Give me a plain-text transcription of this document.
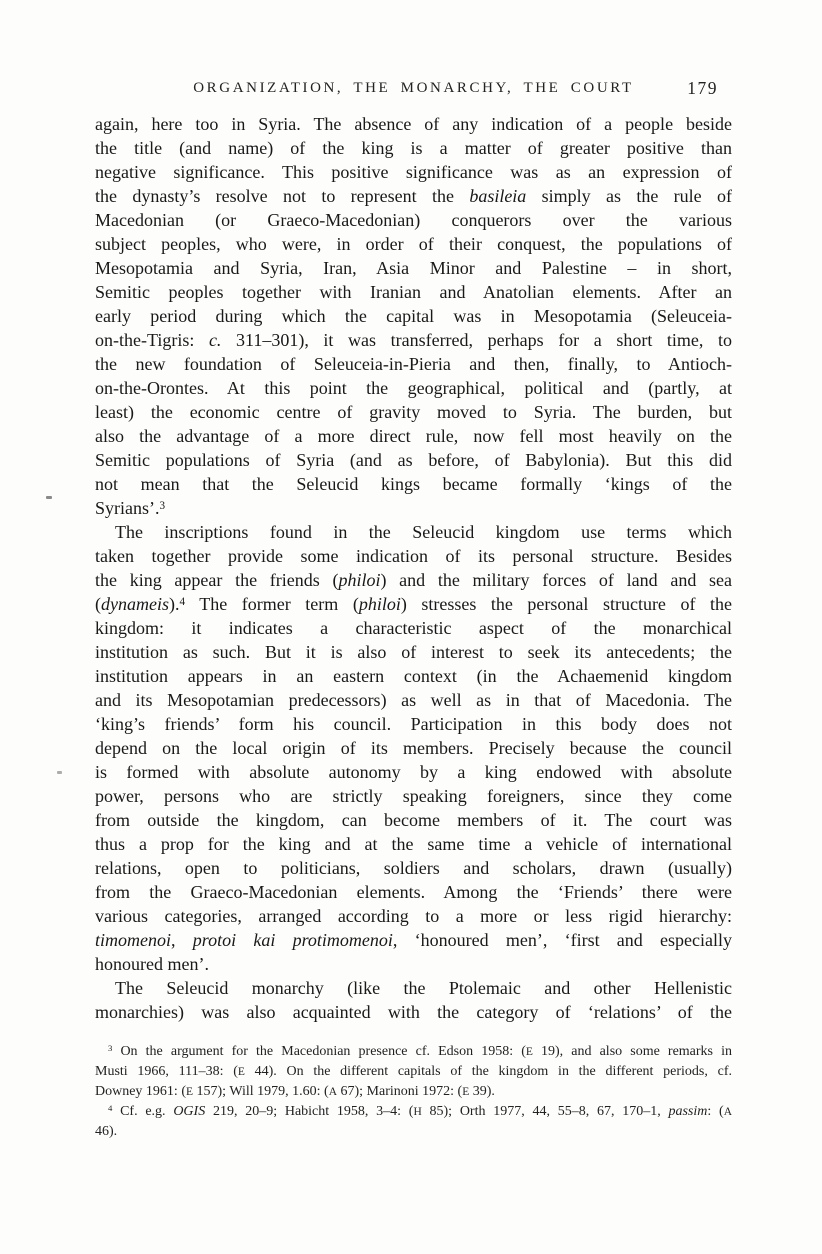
ORGANIZATION, THE MONARCHY, THE COURT	179
again, here too in Syria. The absence of any indication of a people beside
the title (and name) of the king is a matter of greater positive than
negative significance. This positive significance was as an expression of
the dynasty’s resolve not to represent the basileia simply as the rule of
Macedonian (or Graeco-Macedonian) conquerors over the various
subject peoples, who were, in order of their conquest, the populations of
Mesopotamia and Syria, Iran, Asia Minor and Palestine – in short,
Semitic peoples together with Iranian and Anatolian elements. After an
early period during which the capital was in Mesopotamia (Seleuceia-
on-the-Tigris: c. 311–301), it was transferred, perhaps for a short time, to
the new foundation of Seleuceia-in-Pieria and then, finally, to Antioch-
on-the-Orontes. At this point the geographical, political and (partly, at
least) the economic centre of gravity moved to Syria. The burden, but
also the advantage of a more direct rule, now fell most heavily on the
Semitic populations of Syria (and as before, of Babylonia). But this did
not mean that the Seleucid kings became formally ‘kings of the
Syrians’.$^3$
The inscriptions found in the Seleucid kingdom use terms which
taken together provide some indication of its personal structure. Besides
the king appear the friends (philoi) and the military forces of land and sea
(dynameis).$^4$ The former term (philoi) stresses the personal structure of the
kingdom: it indicates a characteristic aspect of the monarchical
institution as such. But it is also of interest to seek its antecedents; the
institution appears in an eastern context (in the Achaemenid kingdom
and its Mesopotamian predecessors) as well as in that of Macedonia. The
‘king’s friends’ form his council. Participation in this body does not
depend on the local origin of its members. Precisely because the council
is formed with absolute autonomy by a king endowed with absolute
power, persons who are strictly speaking foreigners, since they come
from outside the kingdom, can become members of it. The court was
thus a prop for the king and at the same time a vehicle of international
relations, open to politicians, soldiers and scholars, drawn (usually)
from the Graeco-Macedonian elements. Among the ‘Friends’ there were
various categories, arranged according to a more or less rigid hierarchy:
timomenoi, protoi kai protimomenoi, ‘honoured men’, ‘first and especially
honoured men’.
The Seleucid monarchy (like the Ptolemaic and other Hellenistic
monarchies) was also acquainted with the category of ‘relations’ of the
$^3$ On the argument for the Macedonian presence cf. Edson 1958: (E 19), and also some remarks in
Musti 1966, 111–38: (E 44). On the different capitals of the kingdom in the different periods, cf.
Downey 1961: (E 157); Will 1979, 1.60: (A 67); Marinoni 1972: (E 39).
$^4$ Cf. e.g. OGIS 219, 20–9; Habicht 1958, 3–4: (H 85); Orth 1977, 44, 55–8, 67, 170–1, passim: (A
46).
